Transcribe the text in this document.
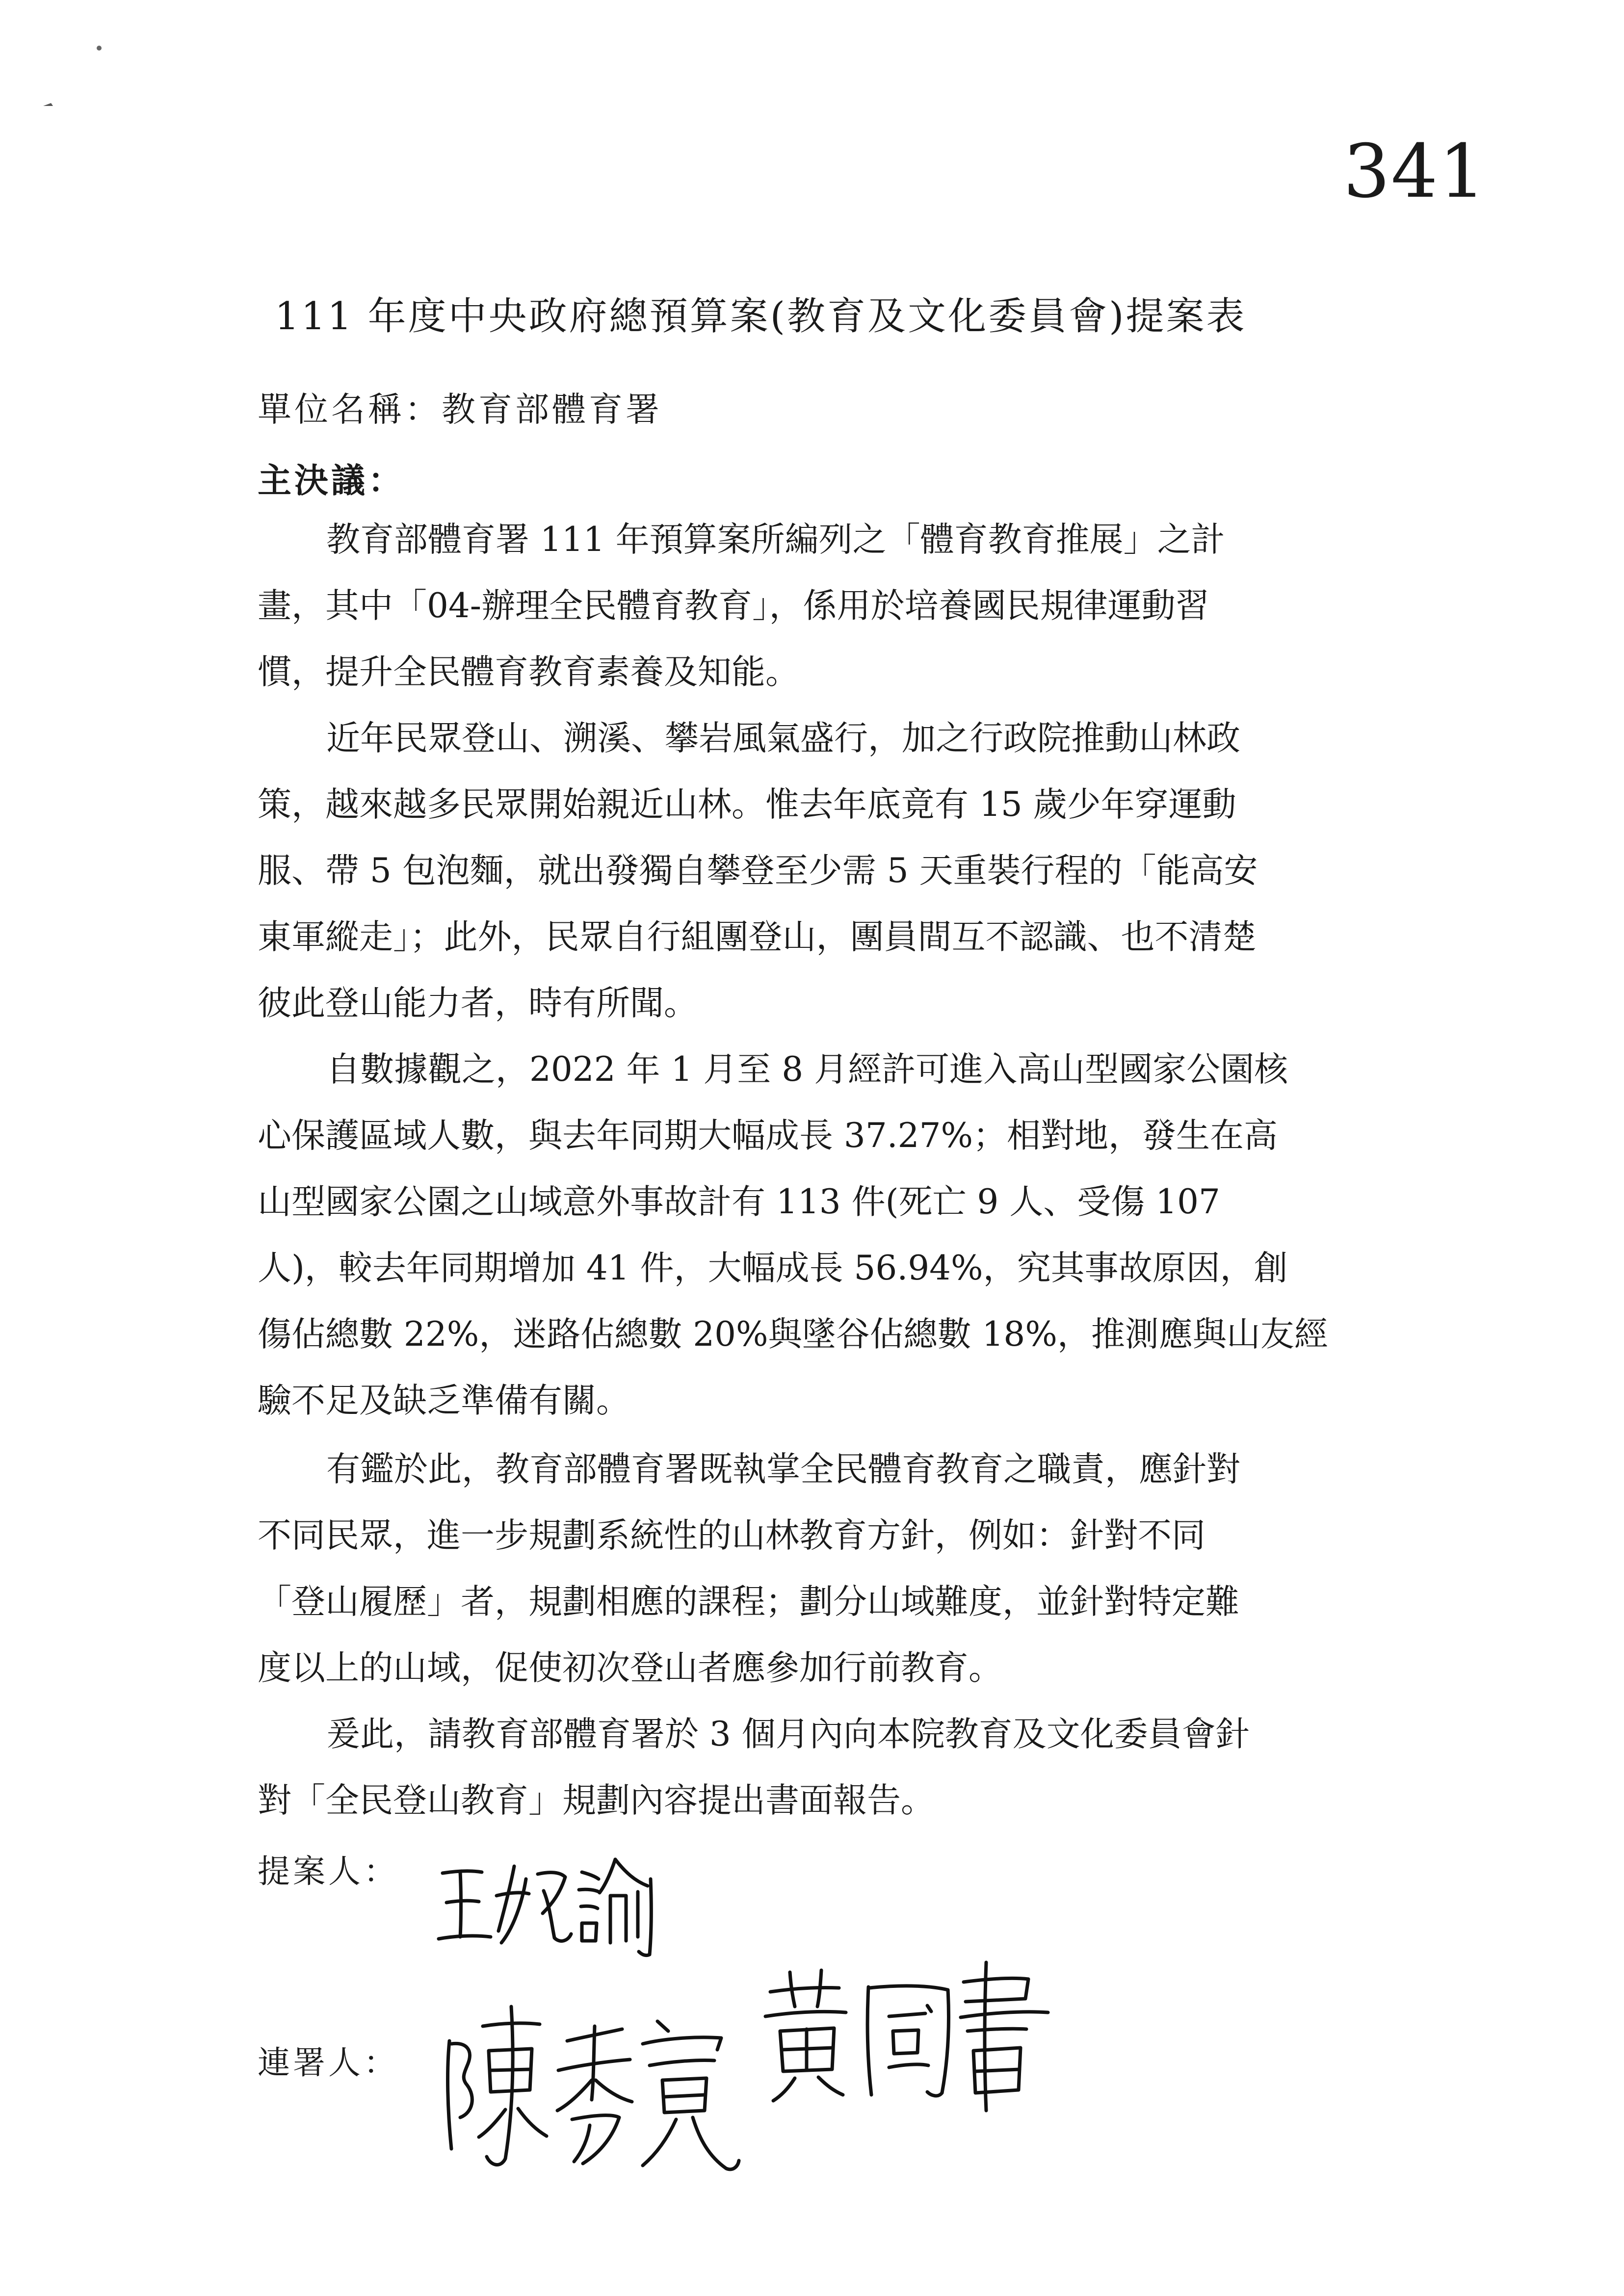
341
111 年度中央政府總預算案(教育及文化委員會)提案表
單位名稱：教育部體育署
主決議：
教育部體育署 111 年預算案所編列之「體育教育推展」之計
畫，其中「04-辦理全民體育教育」，係用於培養國民規律運動習
慣，提升全民體育教育素養及知能。
近年民眾登山、溯溪、攀岩風氣盛行，加之行政院推動山林政
策，越來越多民眾開始親近山林。惟去年底竟有 15 歲少年穿運動
服、帶 5 包泡麵，就出發獨自攀登至少需 5 天重裝行程的「能高安
東軍縱走」；此外，民眾自行組團登山，團員間互不認識、也不清楚
彼此登山能力者，時有所聞。
自數據觀之，2022 年 1 月至 8 月經許可進入高山型國家公園核
心保護區域人數，與去年同期大幅成長 37.27%；相對地，發生在高
山型國家公園之山域意外事故計有 113 件(死亡 9 人、受傷 107
人)，較去年同期增加 41 件，大幅成長 56.94%，究其事故原因，創
傷佔總數 22%，迷路佔總數 20%與墜谷佔總數 18%，推測應與山友經
驗不足及缺乏準備有關。
有鑑於此，教育部體育署既執掌全民體育教育之職責，應針對
不同民眾，進一步規劃系統性的山林教育方針，例如：針對不同
「登山履歷」者，規劃相應的課程；劃分山域難度，並針對特定難
度以上的山域，促使初次登山者應參加行前教育。
爰此，請教育部體育署於 3 個月內向本院教育及文化委員會針
對「全民登山教育」規劃內容提出書面報告。
提案人：
連署人：
